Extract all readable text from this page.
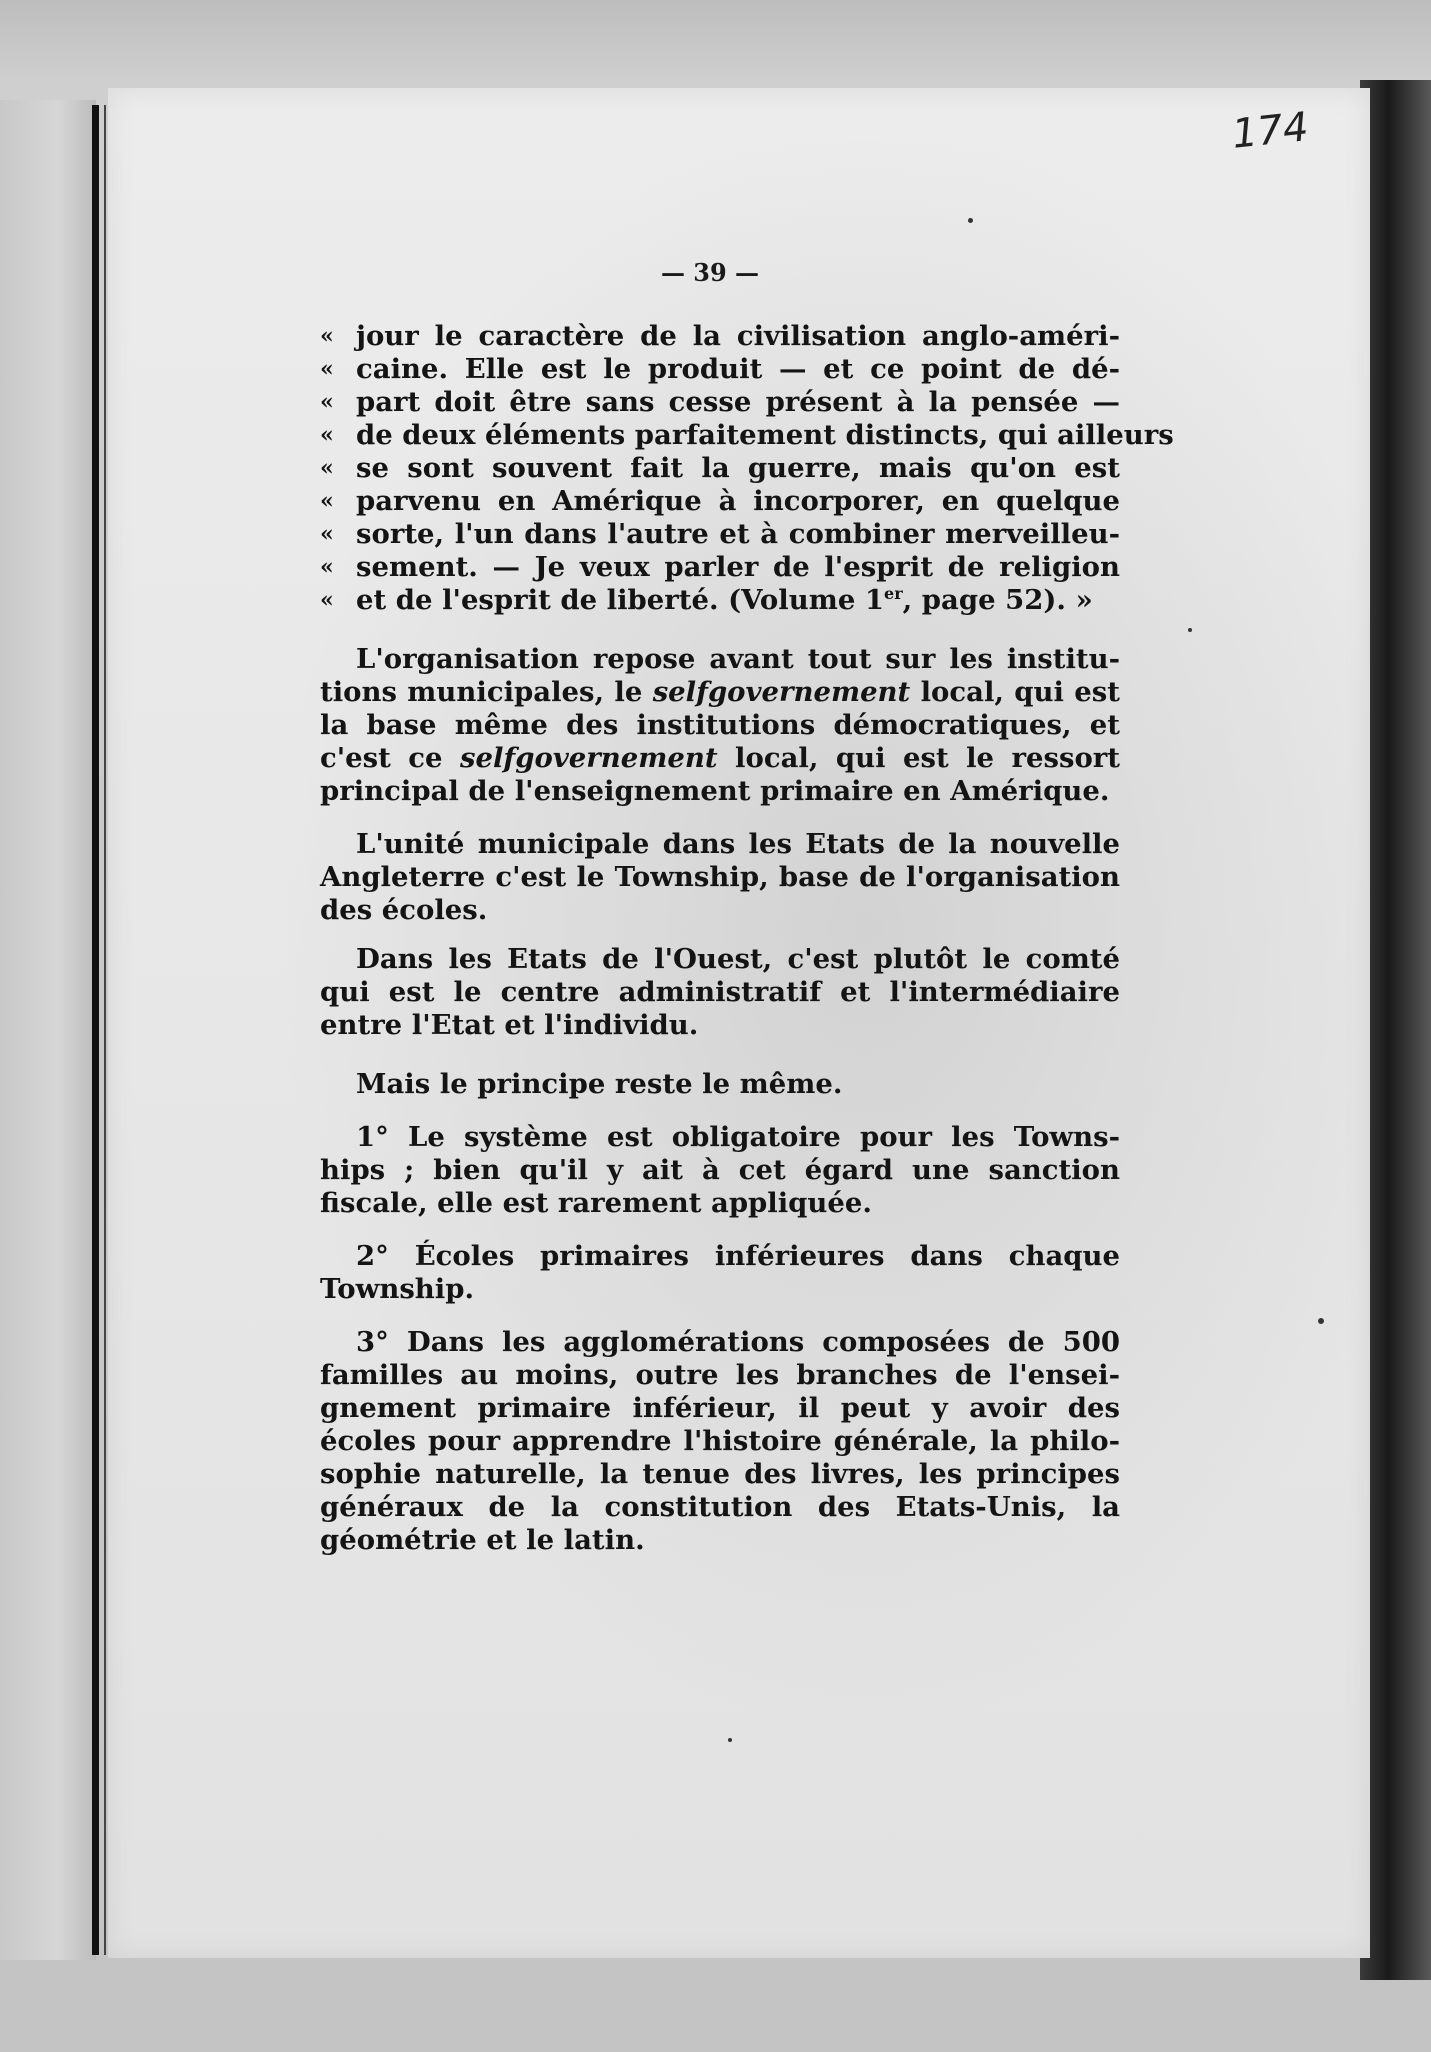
174
— 39 —
« jour le caractère de la civilisation anglo-améri-
« caine. Elle est le produit — et ce point de dé-
« part doit être sans cesse présent à la pensée —
« de deux éléments parfaitement distincts, qui ailleurs
« se sont souvent fait la guerre, mais qu'on est
« parvenu en Amérique à incorporer, en quelque
« sorte, l'un dans l'autre et à combiner merveilleu-
« sement. — Je veux parler de l'esprit de religion
« et de l'esprit de liberté. (Volume 1er, page 52). »
L'organisation repose avant tout sur les institu-
tions municipales, le selfgovernement local, qui est
la base même des institutions démocratiques, et
c'est ce selfgovernement local, qui est le ressort
principal de l'enseignement primaire en Amérique.
L'unité municipale dans les Etats de la nouvelle
Angleterre c'est le Township, base de l'organisation
des écoles.
Dans les Etats de l'Ouest, c'est plutôt le comté
qui est le centre administratif et l'intermédiaire
entre l'Etat et l'individu.
Mais le principe reste le même.
1° Le système est obligatoire pour les Towns-
hips ; bien qu'il y ait à cet égard une sanction
fiscale, elle est rarement appliquée.
2° Écoles primaires inférieures dans chaque
Township.
3° Dans les agglomérations composées de 500
familles au moins, outre les branches de l'ensei-
gnement primaire inférieur, il peut y avoir des
écoles pour apprendre l'histoire générale, la philo-
sophie naturelle, la tenue des livres, les principes
généraux de la constitution des Etats-Unis, la
géométrie et le latin.
